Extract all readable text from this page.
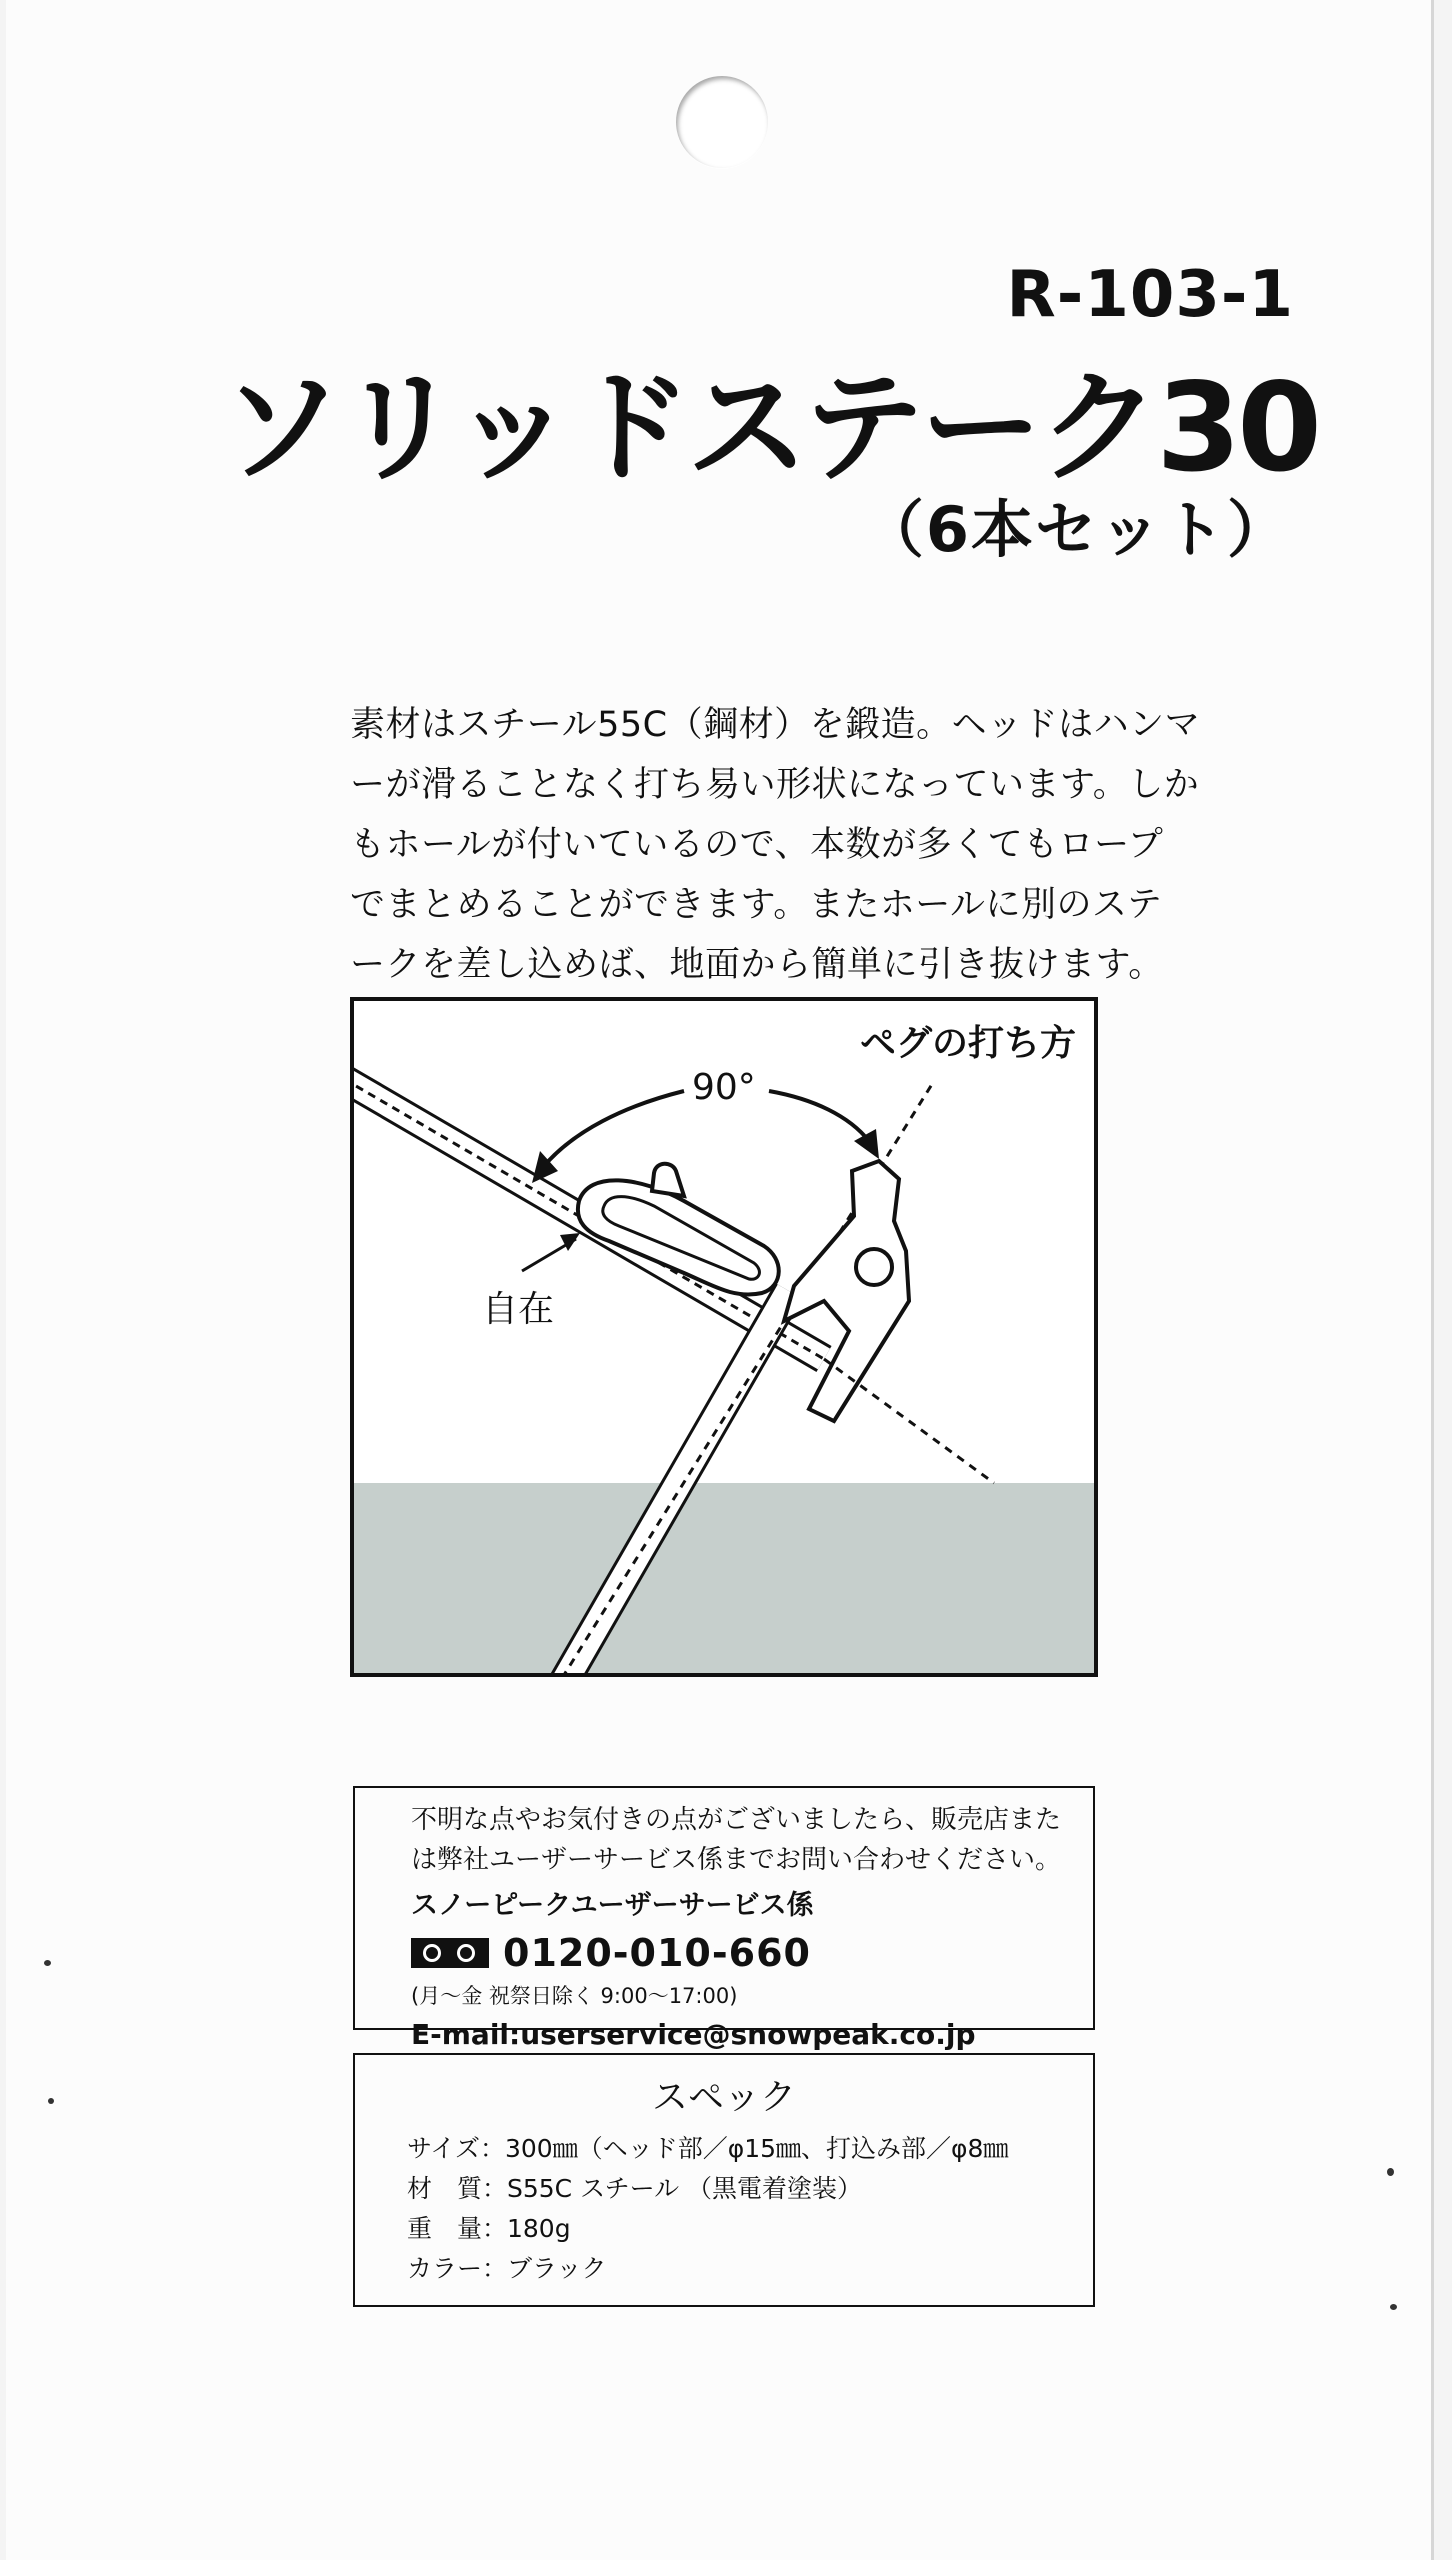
R-103-1
ソリッドステーク30
（6本セット）
素材はスチール55C（鋼材）を鍛造。ヘッドはハンマ
ーが滑ることなく打ち易い形状になっています。しか
もホールが付いているので、本数が多くてもロープ
でまとめることができます。またホールに別のステ
ークを差し込めば、地面から簡単に引き抜けます。
ペグの打ち方
90°
自在
不明な点やお気付きの点がございましたら、販売店また
は弊社ユーザーサービス係までお問い合わせください。
スノーピークユーザーサービス係
0120-010-660
(月～金 祝祭日除く 9:00～17:00)
E-mail:userservice@snowpeak.co.jp
スペック
サイズ：300㎜（ヘッド部／φ15㎜、打込み部／φ8㎜
材　質：S55C スチール （黒電着塗装）
重　量：180g
カラー：ブラック
